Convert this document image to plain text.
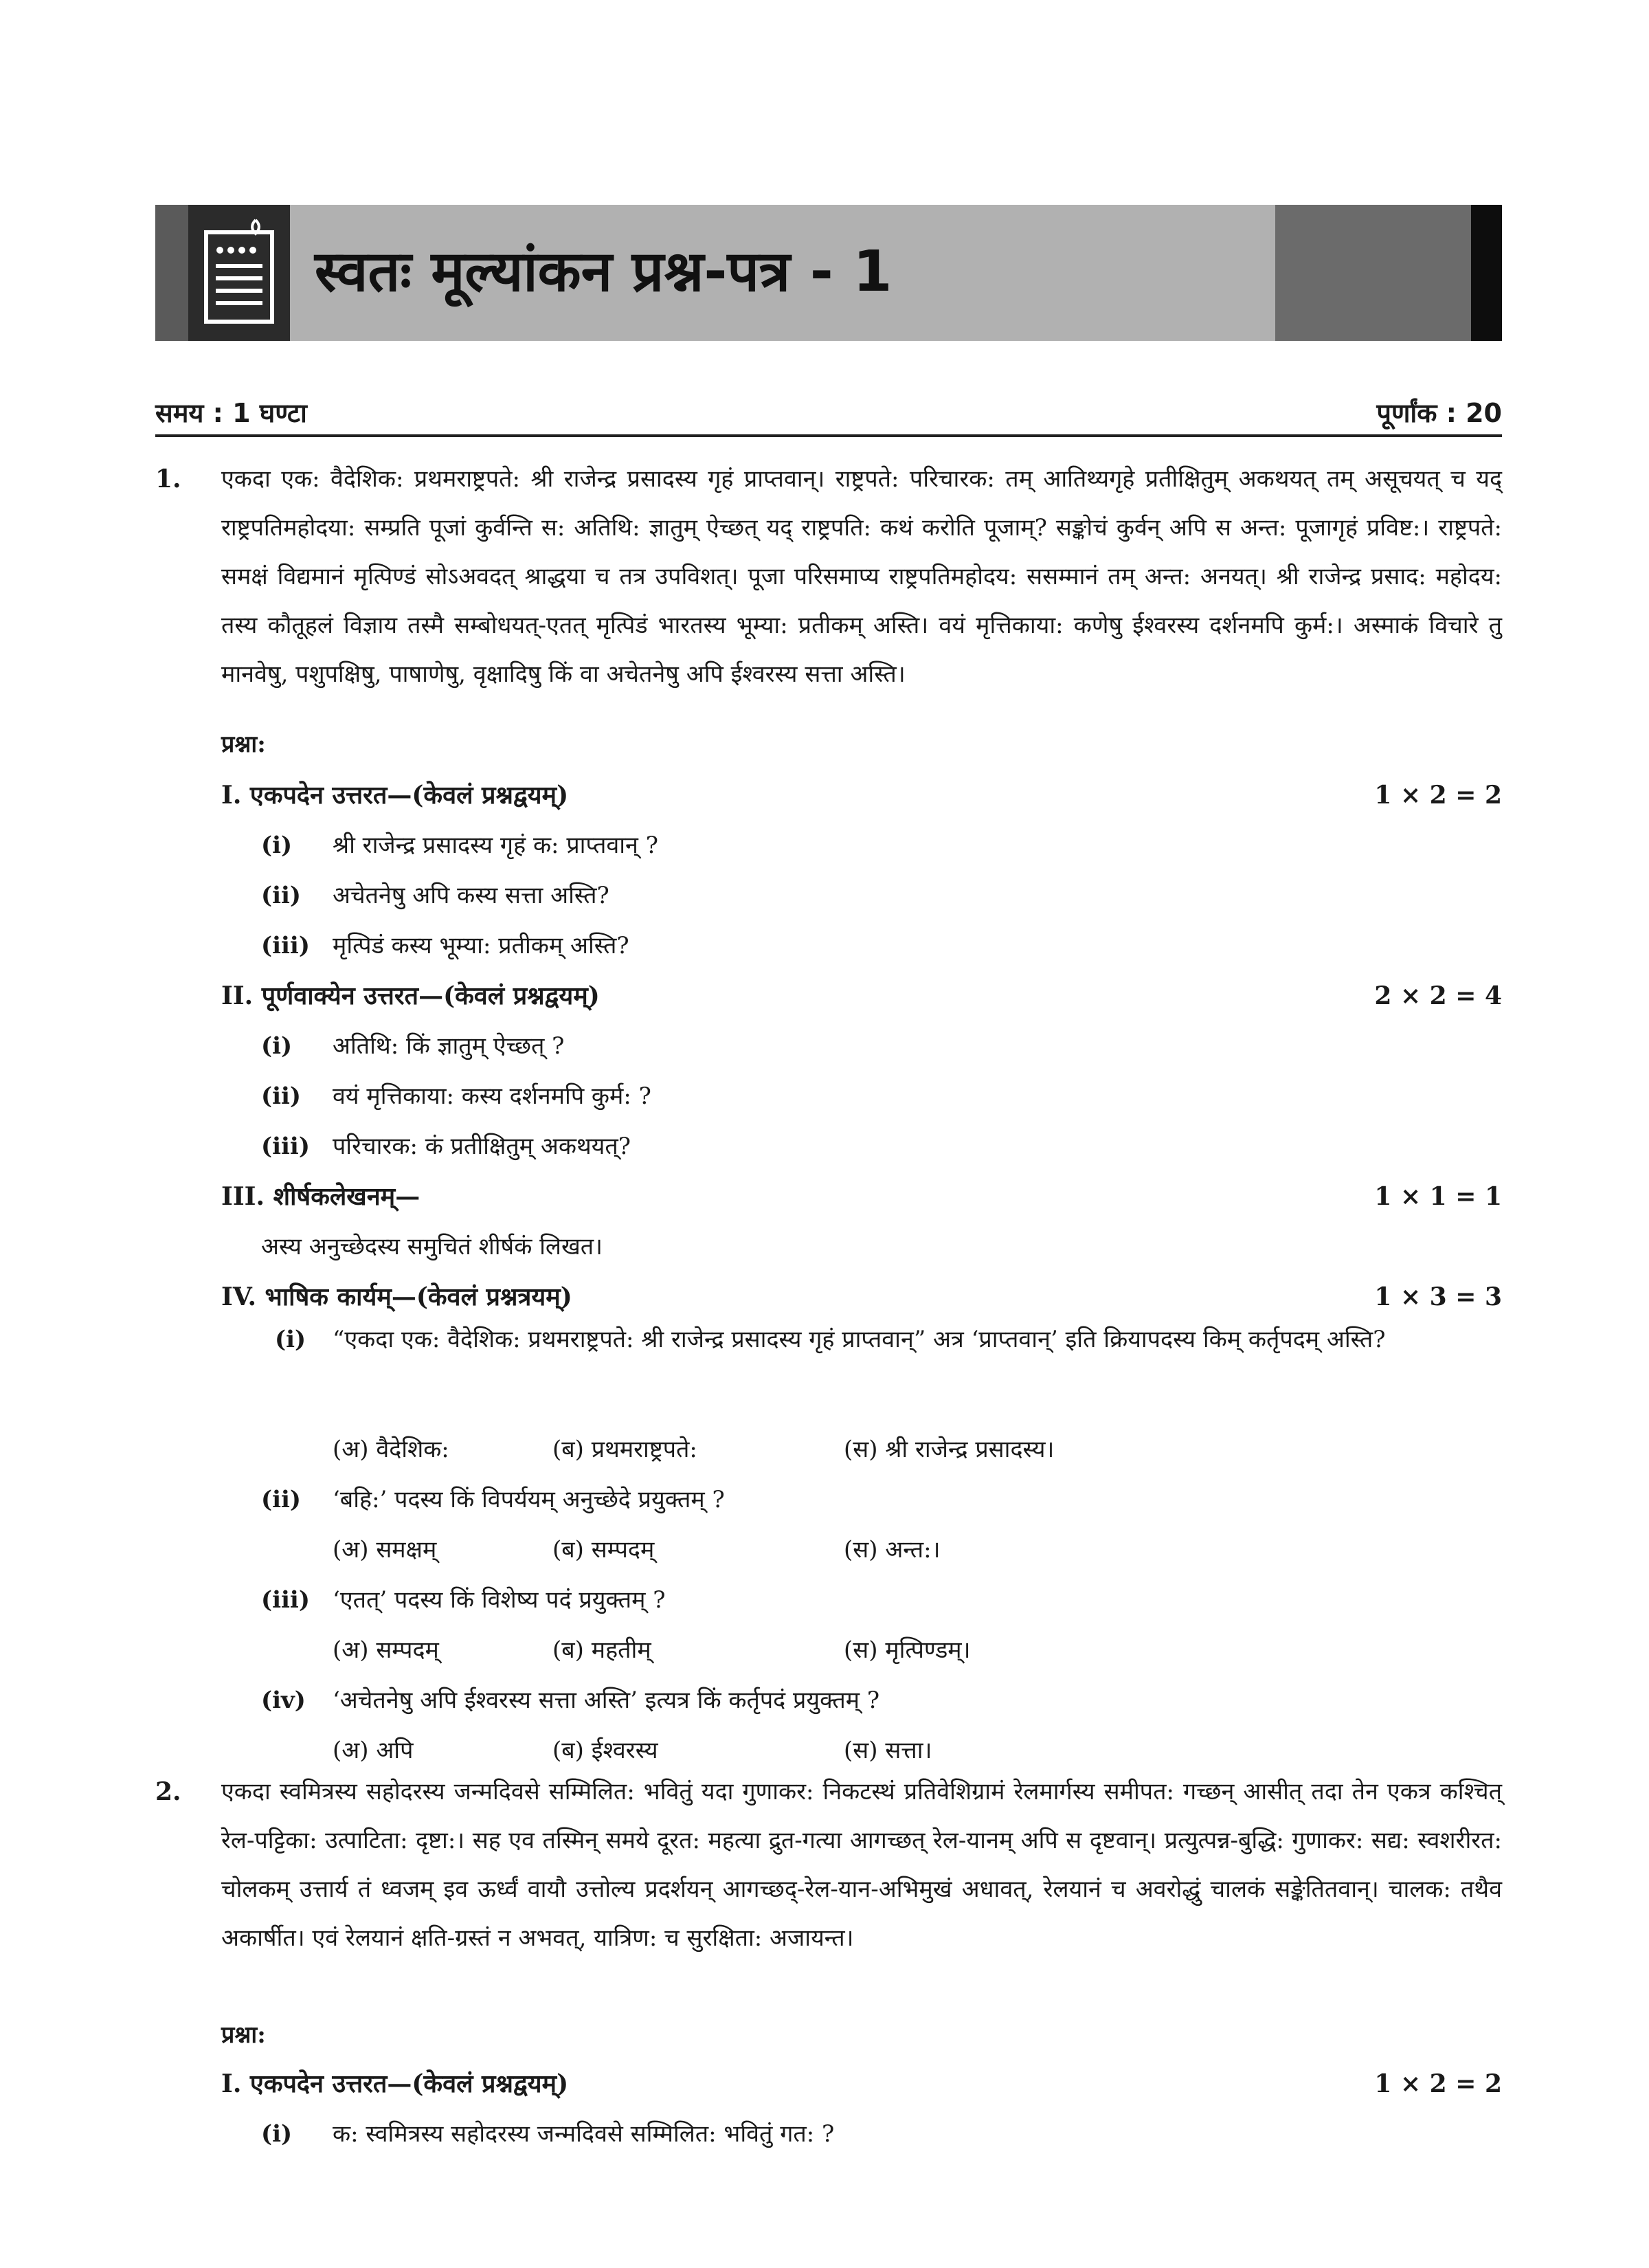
स्वतः मूल्यांकन प्रश्न-पत्र - 1
समय : 1 घण्टा	पूर्णांक : 20
1. एकदा एक: वैदेशिक: प्रथमराष्ट्रपते: श्री राजेन्द्र प्रसादस्य गृहं प्राप्तवान्। राष्ट्रपते: परिचारक: तम् आतिथ्यगृहे प्रतीक्षितुम् अकथयत् तम् असूचयत् च यद् राष्ट्रपतिमहोदया: सम्प्रति पूजां कुर्वन्ति स: अतिथि: ज्ञातुम् ऐच्छत् यद् राष्ट्रपति: कथं करोति पूजाम्? सङ्कोचं कुर्वन् अपि स अन्त: पूजागृहं प्रविष्ट:। राष्ट्रपते: समक्षं विद्यमानं मृत्पिण्डं सोऽअवदत् श्राद्धया च तत्र उपविशत्। पूजा परिसमाप्य राष्ट्रपतिमहोदय: ससम्मानं तम् अन्त: अनयत्। श्री राजेन्द्र प्रसाद: महोदय: तस्य कौतूहलं विज्ञाय तस्मै सम्बोधयत्-एतत् मृत्पिडं भारतस्य भूम्या: प्रतीकम् अस्ति। वयं मृत्तिकाया: कणेषु ईश्वरस्य दर्शनमपि कुर्म:। अस्माकं विचारे तु मानवेषु, पशुपक्षिषु, पाषाणेषु, वृक्षादिषु किं वा अचेतनेषु अपि ईश्वरस्य सत्ता अस्ति।

प्रश्ना:
I. एकपदेन उत्तरत—(केवलं प्रश्नद्वयम्)	1 × 2 = 2
(i) श्री राजेन्द्र प्रसादस्य गृहं क: प्राप्तवान् ?
(ii) अचेतनेषु अपि कस्य सत्ता अस्ति?
(iii) मृत्पिडं कस्य भूम्या: प्रतीकम् अस्ति?
II. पूर्णवाक्येन उत्तरत—(केवलं प्रश्नद्वयम्)	2 × 2 = 4
(i) अतिथि: किं ज्ञातुम् ऐच्छत् ?
(ii) वयं मृत्तिकाया: कस्य दर्शनमपि कुर्म: ?
(iii) परिचारक: कं प्रतीक्षितुम् अकथयत्?
III. शीर्षकलेखनम्—	1 × 1 = 1
अस्य अनुच्छेदस्य समुचितं शीर्षकं लिखत।
IV. भाषिक कार्यम्—(केवलं प्रश्नत्रयम्)	1 × 3 = 3
(i) “एकदा एक: वैदेशिक: प्रथमराष्ट्रपते: श्री राजेन्द्र प्रसादस्य गृहं प्राप्तवान्” अत्र ‘प्राप्तवान्’ इति क्रियापदस्य किम् कर्तृपदम् अस्ति?
(अ) वैदेशिक:	(ब) प्रथमराष्ट्रपते:	(स) श्री राजेन्द्र प्रसादस्य।
(ii) ‘बहि:’ पदस्य किं विपर्ययम् अनुच्छेदे प्रयुक्तम् ?
(अ) समक्षम्	(ब) सम्पदम्	(स) अन्त:।
(iii) ‘एतत्’ पदस्य किं विशेष्य पदं प्रयुक्तम् ?
(अ) सम्पदम्	(ब) महतीम्	(स) मृत्पिण्डम्।
(iv) ‘अचेतनेषु अपि ईश्वरस्य सत्ता अस्ति’ इत्यत्र किं कर्तृपदं प्रयुक्तम् ?
(अ) अपि	(ब) ईश्वरस्य	(स) सत्ता।
2. एकदा स्वमित्रस्य सहोदरस्य जन्मदिवसे सम्मिलित: भवितुं यदा गुणाकर: निकटस्थं प्रतिवेशिग्रामं रेलमार्गस्य समीपत: गच्छन् आसीत् तदा तेन एकत्र कश्चित् रेल-पट्टिका: उत्पाटिता: दृष्टा:। सह एव तस्मिन् समये दूरत: महत्या द्रुत-गत्या आगच्छत् रेल-यानम् अपि स दृष्टवान्। प्रत्युत्पन्न-बुद्धि: गुणाकर: सद्य: स्वशरीरत: चोलकम् उत्तार्य तं ध्वजम् इव ऊर्ध्वं वायौ उत्तोल्य प्रदर्शयन् आगच्छद्-रेल-यान-अभिमुखं अधावत्, रेलयानं च अवरोद्धुं चालकं सङ्केतितवान्। चालक: तथैव अकार्षीत। एवं रेलयानं क्षति-ग्रस्तं न अभवत्, यात्रिण: च सुरक्षिता: अजायन्त।

प्रश्ना:
I. एकपदेन उत्तरत—(केवलं प्रश्नद्वयम्)	1 × 2 = 2
(i) क: स्वमित्रस्य सहोदरस्य जन्मदिवसे सम्मिलित: भवितुं गत: ?
